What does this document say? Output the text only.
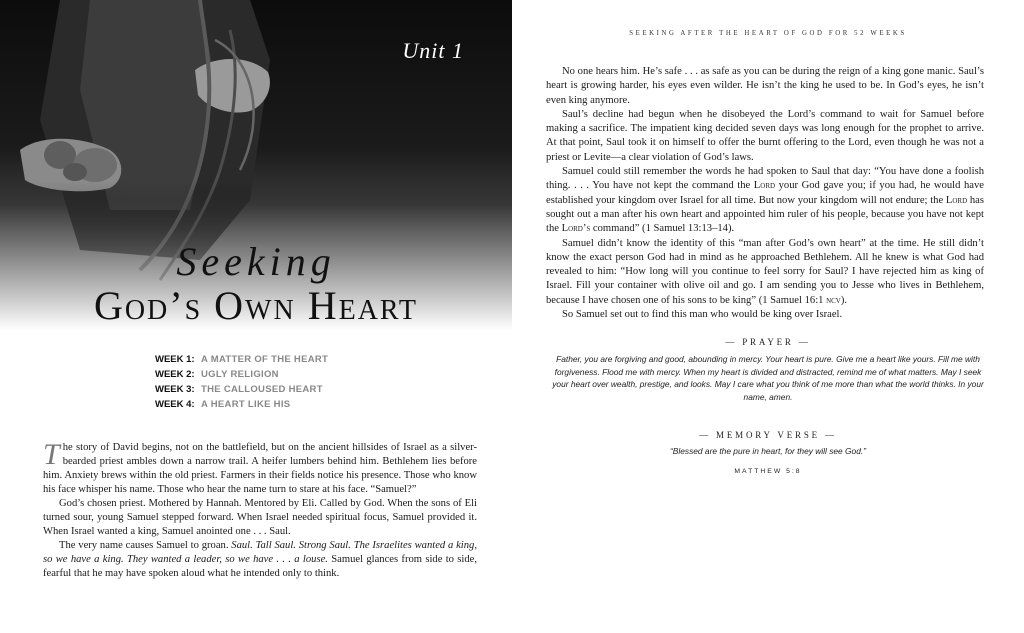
Unit 1
Seeking
God’s Own Heart
WEEK 1: A MATTER OF THE HEART
WEEK 2: UGLY RELIGION
WEEK 3: THE CALLOUSED HEART
WEEK 4: A HEART LIKE HIS

The story of David begins, not on the battlefield, but on the ancient hillsides of Israel as a silver-bearded priest ambles down a narrow trail. A heifer lumbers behind him. Bethlehem lies before him. Anxiety brews within the old priest. Farmers in their fields notice his presence. Those who know his face whisper his name. Those who hear the name turn to stare at his face. “Samuel?”

God’s chosen priest. Mothered by Hannah. Mentored by Eli. Called by God. When the sons of Eli turned sour, young Samuel stepped forward. When Israel needed spiritual focus, Samuel provided it. When Israel wanted a king, Samuel anointed one . . . Saul.

The very name causes Samuel to groan. Saul. Tall Saul. Strong Saul. The Israelites wanted a king, so we have a king. They wanted a leader, so we have . . . a louse. Samuel glances from side to side, fearful that he may have spoken aloud what he intended only to think.

SEEKING AFTER THE HEART OF GOD FOR 52 WEEKS

No one hears him. He’s safe . . . as safe as you can be during the reign of a king gone manic. Saul’s heart is growing harder, his eyes even wilder. He isn’t the king he used to be. In God’s eyes, he isn’t even king anymore.

Saul’s decline had begun when he disobeyed the Lord’s command to wait for Samuel before making a sacrifice. The impatient king decided seven days was long enough for the prophet to arrive. At that point, Saul took it on himself to offer the burnt offering to the Lord, even though he was not a priest or Levite—a clear violation of God’s laws.

Samuel could still remember the words he had spoken to Saul that day: “You have done a foolish thing. . . . You have not kept the command the Lord your God gave you; if you had, he would have established your kingdom over Israel for all time. But now your kingdom will not endure; the Lord has sought out a man after his own heart and appointed him ruler of his people, because you have not kept the Lord’s command” (1 Samuel 13:13–14).

Samuel didn’t know the identity of this “man after God’s own heart” at the time. He still didn’t know the exact person God had in mind as he approached Bethlehem. All he knew is what God had revealed to him: “How long will you continue to feel sorry for Saul? I have rejected him as king of Israel. Fill your container with olive oil and go. I am sending you to Jesse who lives in Bethlehem, because I have chosen one of his sons to be king” (1 Samuel 16:1 ncv).

So Samuel set out to find this man who would be king over Israel.

— PRAYER —
Father, you are forgiving and good, abounding in mercy. Your heart is pure. Give me a heart like yours. Fill me with forgiveness. Flood me with mercy. When my heart is divided and distracted, remind me of what matters. May I seek your heart over wealth, prestige, and looks. May I care what you think of me more than what the world thinks. In your name, amen.
— MEMORY VERSE —
“Blessed are the pure in heart, for they will see God.”
MATTHEW 5:8
